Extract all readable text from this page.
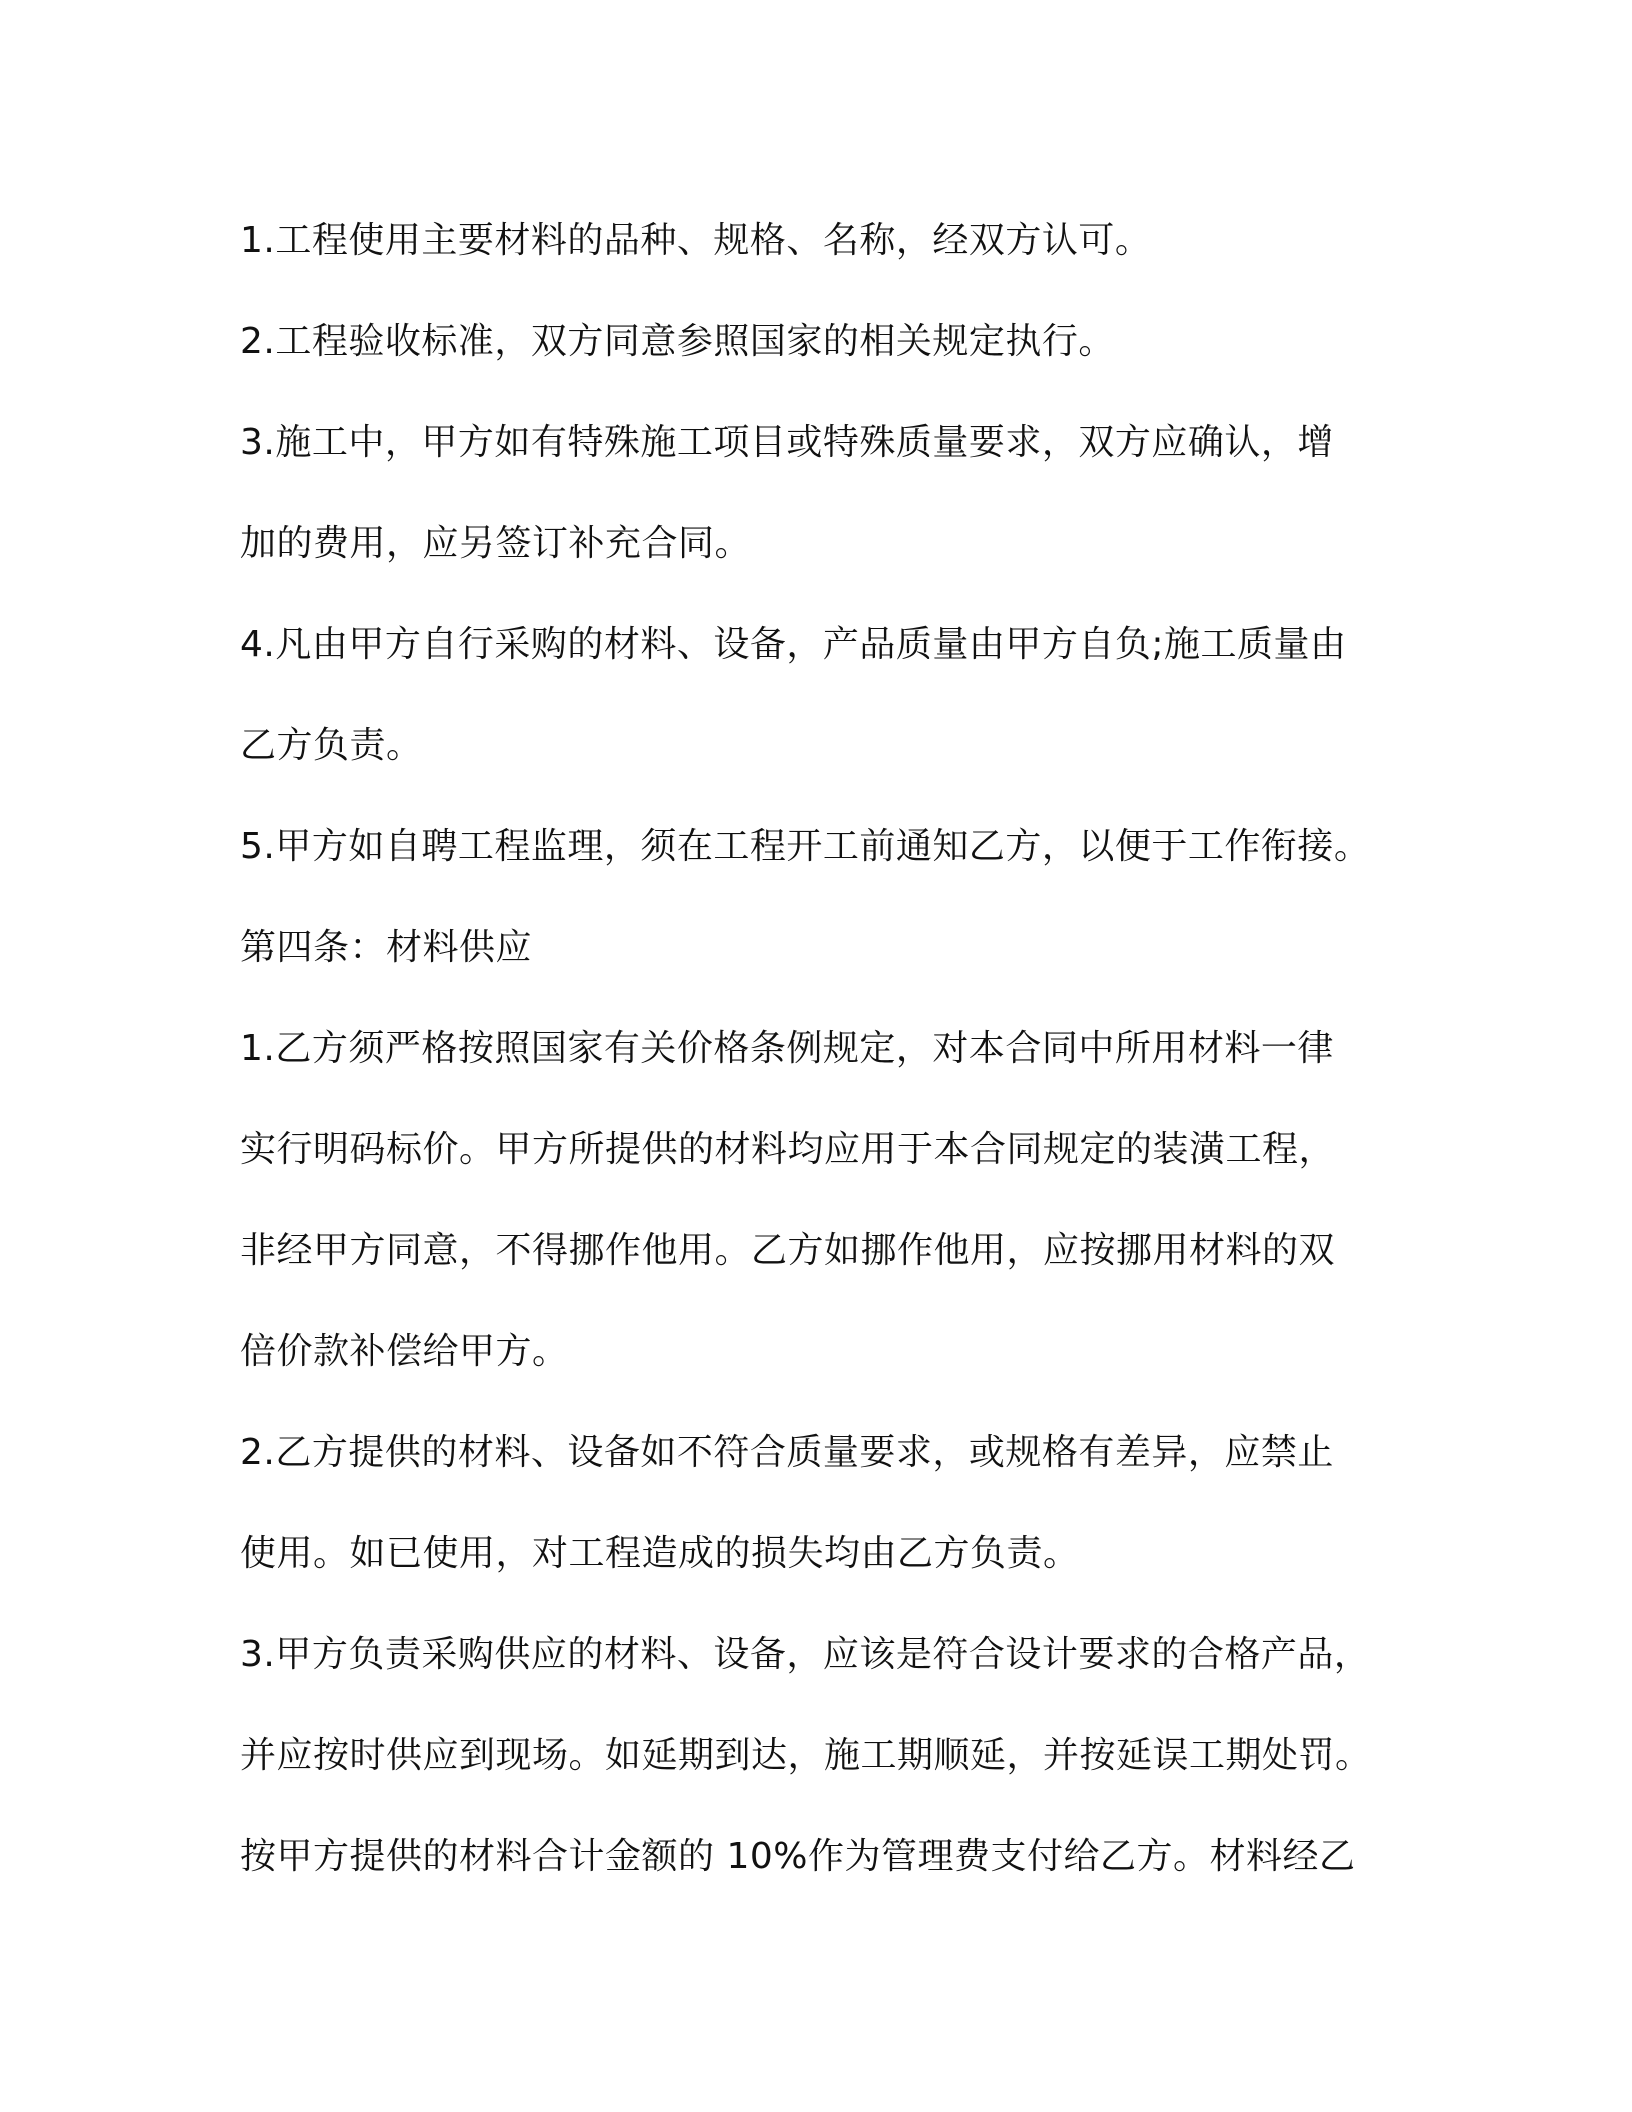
1.工程使用主要材料的品种、规格、名称，经双方认可。

2.工程验收标准，双方同意参照国家的相关规定执行。

3.施工中，甲方如有特殊施工项目或特殊质量要求，双方应确认，增

加的费用，应另签订补充合同。

4.凡由甲方自行采购的材料、设备，产品质量由甲方自负;施工质量由

乙方负责。

5.甲方如自聘工程监理，须在工程开工前通知乙方，以便于工作衔接。

第四条：材料供应

1.乙方须严格按照国家有关价格条例规定，对本合同中所用材料一律

实行明码标价。甲方所提供的材料均应用于本合同规定的装潢工程，

非经甲方同意，不得挪作他用。乙方如挪作他用，应按挪用材料的双

倍价款补偿给甲方。

2.乙方提供的材料、设备如不符合质量要求，或规格有差异，应禁止

使用。如已使用，对工程造成的损失均由乙方负责。

3.甲方负责采购供应的材料、设备，应该是符合设计要求的合格产品，

并应按时供应到现场。如延期到达，施工期顺延，并按延误工期处罚。

按甲方提供的材料合计金额的 10%作为管理费支付给乙方。材料经乙
